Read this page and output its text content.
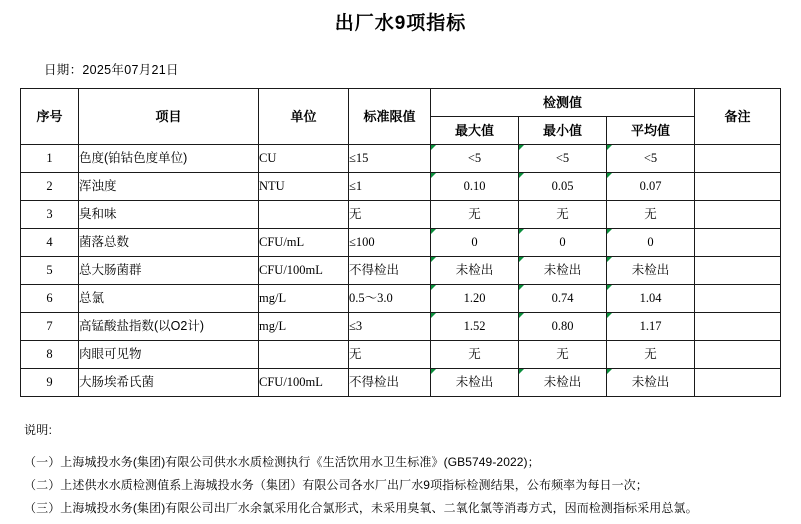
出厂水9项指标
日期：2025年07月21日
序号	项目	单位	标准限值	检测值			备注
				最大值	最小值	平均值	
1	色度(铂钴色度单位)	CU	≤15	<5	<5	<5	
2	浑浊度	NTU	≤1	0.10	0.05	0.07	
3	臭和味		无	无	无	无	
4	菌落总数	CFU/mL	≤100	0	0	0	
5	总大肠菌群	CFU/100mL	不得检出	未检出	未检出	未检出	
6	总氯	mg/L	0.5～3.0	1.20	0.74	1.04	
7	高锰酸盐指数(以O2计)	mg/L	≤3	1.52	0.80	1.17	
8	肉眼可见物		无	无	无	无	
9	大肠埃希氏菌	CFU/100mL	不得检出	未检出	未检出	未检出	
说明:
（一）上海城投水务(集团)有限公司供水水质检测执行《生活饮用水卫生标准》(GB5749-2022)；
（二）上述供水水质检测值系上海城投水务（集团）有限公司各水厂出厂水9项指标检测结果，公布频率为每日一次；
（三）上海城投水务(集团)有限公司出厂水余氯采用化合氯形式，未采用臭氧、二氧化氯等消毒方式，因而检测指标采用总氯。
